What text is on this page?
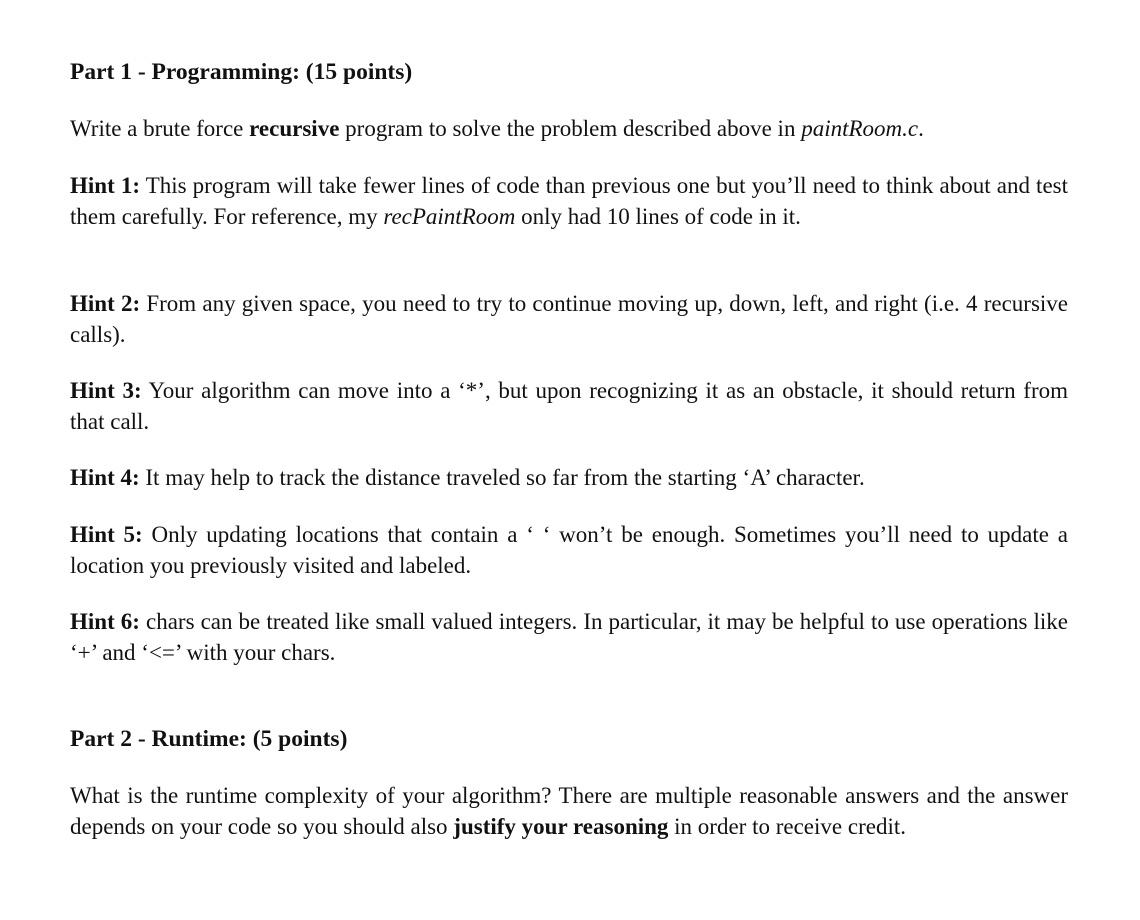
Part 1 - Programming: (15 points)

Write a brute force recursive program to solve the problem described above in paintRoom.c.

Hint 1: This program will take fewer lines of code than previous one but you’ll need to think about and test them carefully. For reference, my recPaintRoom only had 10 lines of code in it.

Hint 2: From any given space, you need to try to continue moving up, down, left, and right (i.e. 4 recursive calls).

Hint 3: Your algorithm can move into a ‘*’, but upon recognizing it as an obstacle, it should return from that call.

Hint 4: It may help to track the distance traveled so far from the starting ‘A’ character.

Hint 5: Only updating locations that contain a ‘ ‘ won’t be enough. Sometimes you’ll need to update a location you previously visited and labeled.

Hint 6: chars can be treated like small valued integers. In particular, it may be helpful to use operations like ‘+’ and ‘<=’ with your chars.

Part 2 - Runtime: (5 points)

What is the runtime complexity of your algorithm? There are multiple reasonable answers and the answer depends on your code so you should also justify your reasoning in order to receive credit.
